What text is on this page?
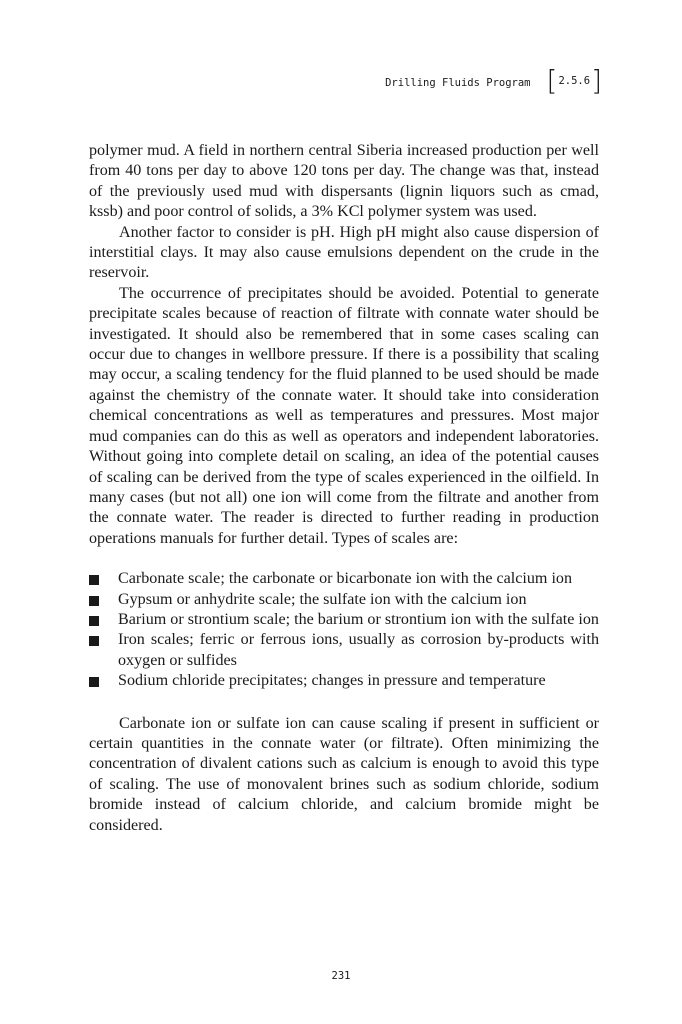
Drilling Fluids Program [ 2.5.6 ]

polymer mud. A field in northern central Siberia increased production per well from 40 tons per day to above 120 tons per day. The change was that, instead of the previously used mud with dispersants (lignin liquors such as cmad, kssb) and poor control of solids, a 3% KCl polymer system was used.

Another factor to consider is pH. High pH might also cause dispersion of interstitial clays. It may also cause emulsions dependent on the crude in the reservoir.

The occurrence of precipitates should be avoided. Potential to generate precipitate scales because of reaction of filtrate with connate water should be investigated. It should also be remembered that in some cases scaling can occur due to changes in wellbore pressure. If there is a possibility that scaling may occur, a scaling tendency for the fluid planned to be used should be made against the chemistry of the connate water. It should take into consideration chemical concentrations as well as temperatures and pressures. Most major mud companies can do this as well as operators and independent laboratories. Without going into complete detail on scaling, an idea of the potential causes of scaling can be derived from the type of scales experienced in the oilfield. In many cases (but not all) one ion will come from the filtrate and another from the connate water. The reader is directed to further reading in production operations manuals for further detail. Types of scales are:

Carbonate scale; the carbonate or bicarbonate ion with the calcium ion
Gypsum or anhydrite scale; the sulfate ion with the calcium ion
Barium or strontium scale; the barium or strontium ion with the sulfate ion
Iron scales; ferric or ferrous ions, usually as corrosion by-products with oxygen or sulfides
Sodium chloride precipitates; changes in pressure and temperature

Carbonate ion or sulfate ion can cause scaling if present in sufficient or certain quantities in the connate water (or filtrate). Often minimizing the concentration of divalent cations such as calcium is enough to avoid this type of scaling. The use of monovalent brines such as sodium chloride, sodium bromide instead of calcium chloride, and calcium bromide might be considered.

231
